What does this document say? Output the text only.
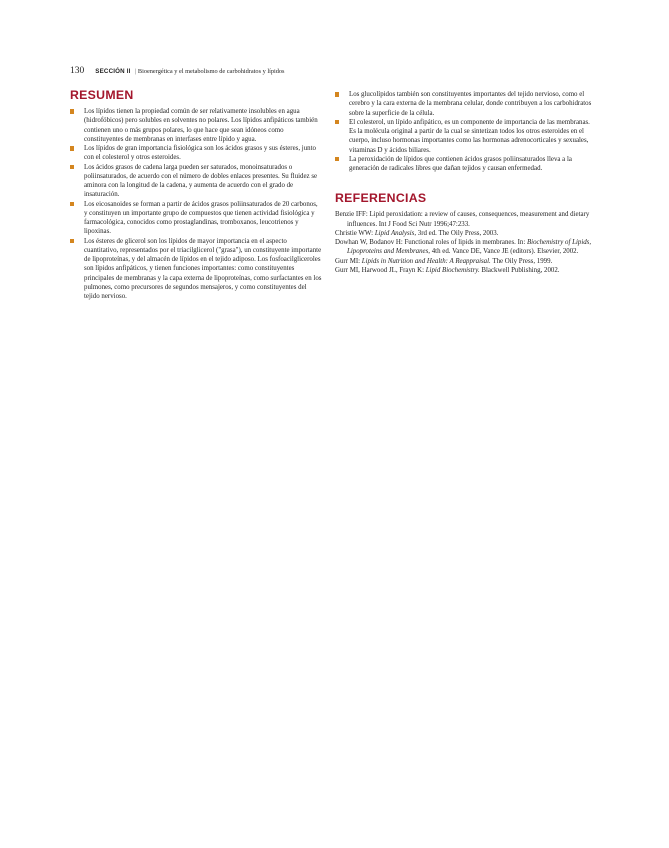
130 SECCIÓN II | Bioenergética y el metabolismo de carbohidratos y lípidos
RESUMEN
Los lípidos tienen la propiedad común de ser relativamente insolubles en agua (hidrofóbicos) pero solubles en solventes no polares. Los lípidos anfipáticos también contienen uno o más grupos polares, lo que hace que sean idóneos como constituyentes de membranas en interfases entre lípido y agua.
Los lípidos de gran importancia fisiológica son los ácidos grasos y sus ésteres, junto con el colesterol y otros esteroides.
Los ácidos grasos de cadena larga pueden ser saturados, monoinsaturados o poliinsaturados, de acuerdo con el número de dobles enlaces presentes. Su fluidez se aminora con la longitud de la cadena, y aumenta de acuerdo con el grado de insaturación.
Los eicosanoides se forman a partir de ácidos grasos poliinsaturados de 20 carbonos, y constituyen un importante grupo de compuestos que tienen actividad fisiológica y farmacológica, conocidos como prostaglandinas, tromboxanos, leucotrienos y lipoxinas.
Los ésteres de glicerol son los lípidos de mayor importancia en el aspecto cuantitativo, representados por el triacilglicerol ("grasa"), un constituyente importante de lipoproteínas, y del almacén de lípidos en el tejido adiposo. Los fosfoacilgliceroles son lípidos anfipáticos, y tienen funciones importantes: como constituyentes principales de membranas y la capa externa de lipoproteínas, como surfactantes en los pulmones, como precursores de segundos mensajeros, y como constituyentes del tejido nervioso.
Los glucolípidos también son constituyentes importantes del tejido nervioso, como el cerebro y la cara externa de la membrana celular, donde contribuyen a los carbohidratos sobre la superficie de la célula.
El colesterol, un lípido anfipático, es un componente de importancia de las membranas. Es la molécula original a partir de la cual se sintetizan todos los otros esteroides en el cuerpo, incluso hormonas importantes como las hormonas adrenocorticales y sexuales, vitaminas D y ácidos biliares.
La peroxidación de lípidos que contienen ácidos grasos poliinsaturados lleva a la generación de radicales libres que dañan tejidos y causan enfermedad.
REFERENCIAS
Benzie IFF: Lipid peroxidation: a review of causes, consequences, measurement and dietary influences. Int J Food Sci Nutr 1996;47:233.
Christie WW: Lipid Analysis, 3rd ed. The Oily Press, 2003.
Dowhan W, Bodanov H: Functional roles of lipids in membranes. In: Biochemistry of Lipids, Lipoproteins and Membranes, 4th ed. Vance DE, Vance JE (editors). Elsevier, 2002.
Gurr MI: Lipids in Nutrition and Health: A Reappraisal. The Oily Press, 1999.
Gurr MI, Harwood JL, Frayn K: Lipid Biochemistry. Blackwell Publishing, 2002.
